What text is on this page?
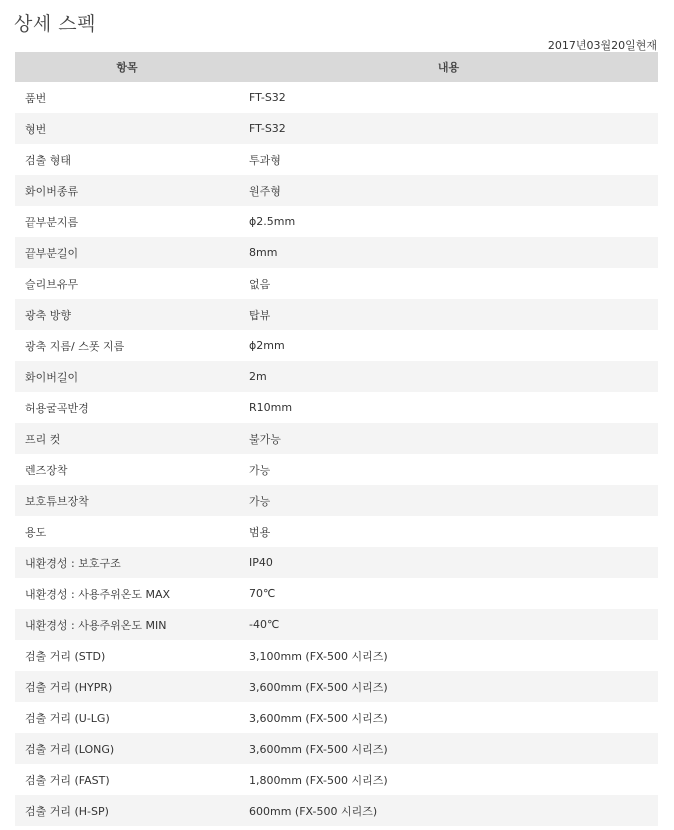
상세 스펙
2017년03월20일현재
항목	내용
품번	FT-S32
형번	FT-S32
검출 형태	투과형
화이버종류	원주형
끝부분지름	ϕ2.5mm
끝부분길이	8mm
슬리브유무	없음
광축 방향	탑뷰
광축 지름/ 스폿 지름	ϕ2mm
화이버길이	2m
허용굴곡반경	R10mm
프리 컷	불가능
렌즈장착	가능
보호튜브장착	가능
용도	범용
내환경성 : 보호구조	IP40
내환경성 : 사용주위온도 MAX	70℃
내환경성 : 사용주위온도 MIN	-40℃
검출 거리 (STD)	3,100mm (FX-500 시리즈)
검출 거리 (HYPR)	3,600mm (FX-500 시리즈)
검출 거리 (U-LG)	3,600mm (FX-500 시리즈)
검출 거리 (LONG)	3,600mm (FX-500 시리즈)
검출 거리 (FAST)	1,800mm (FX-500 시리즈)
검출 거리 (H-SP)	600mm (FX-500 시리즈)
